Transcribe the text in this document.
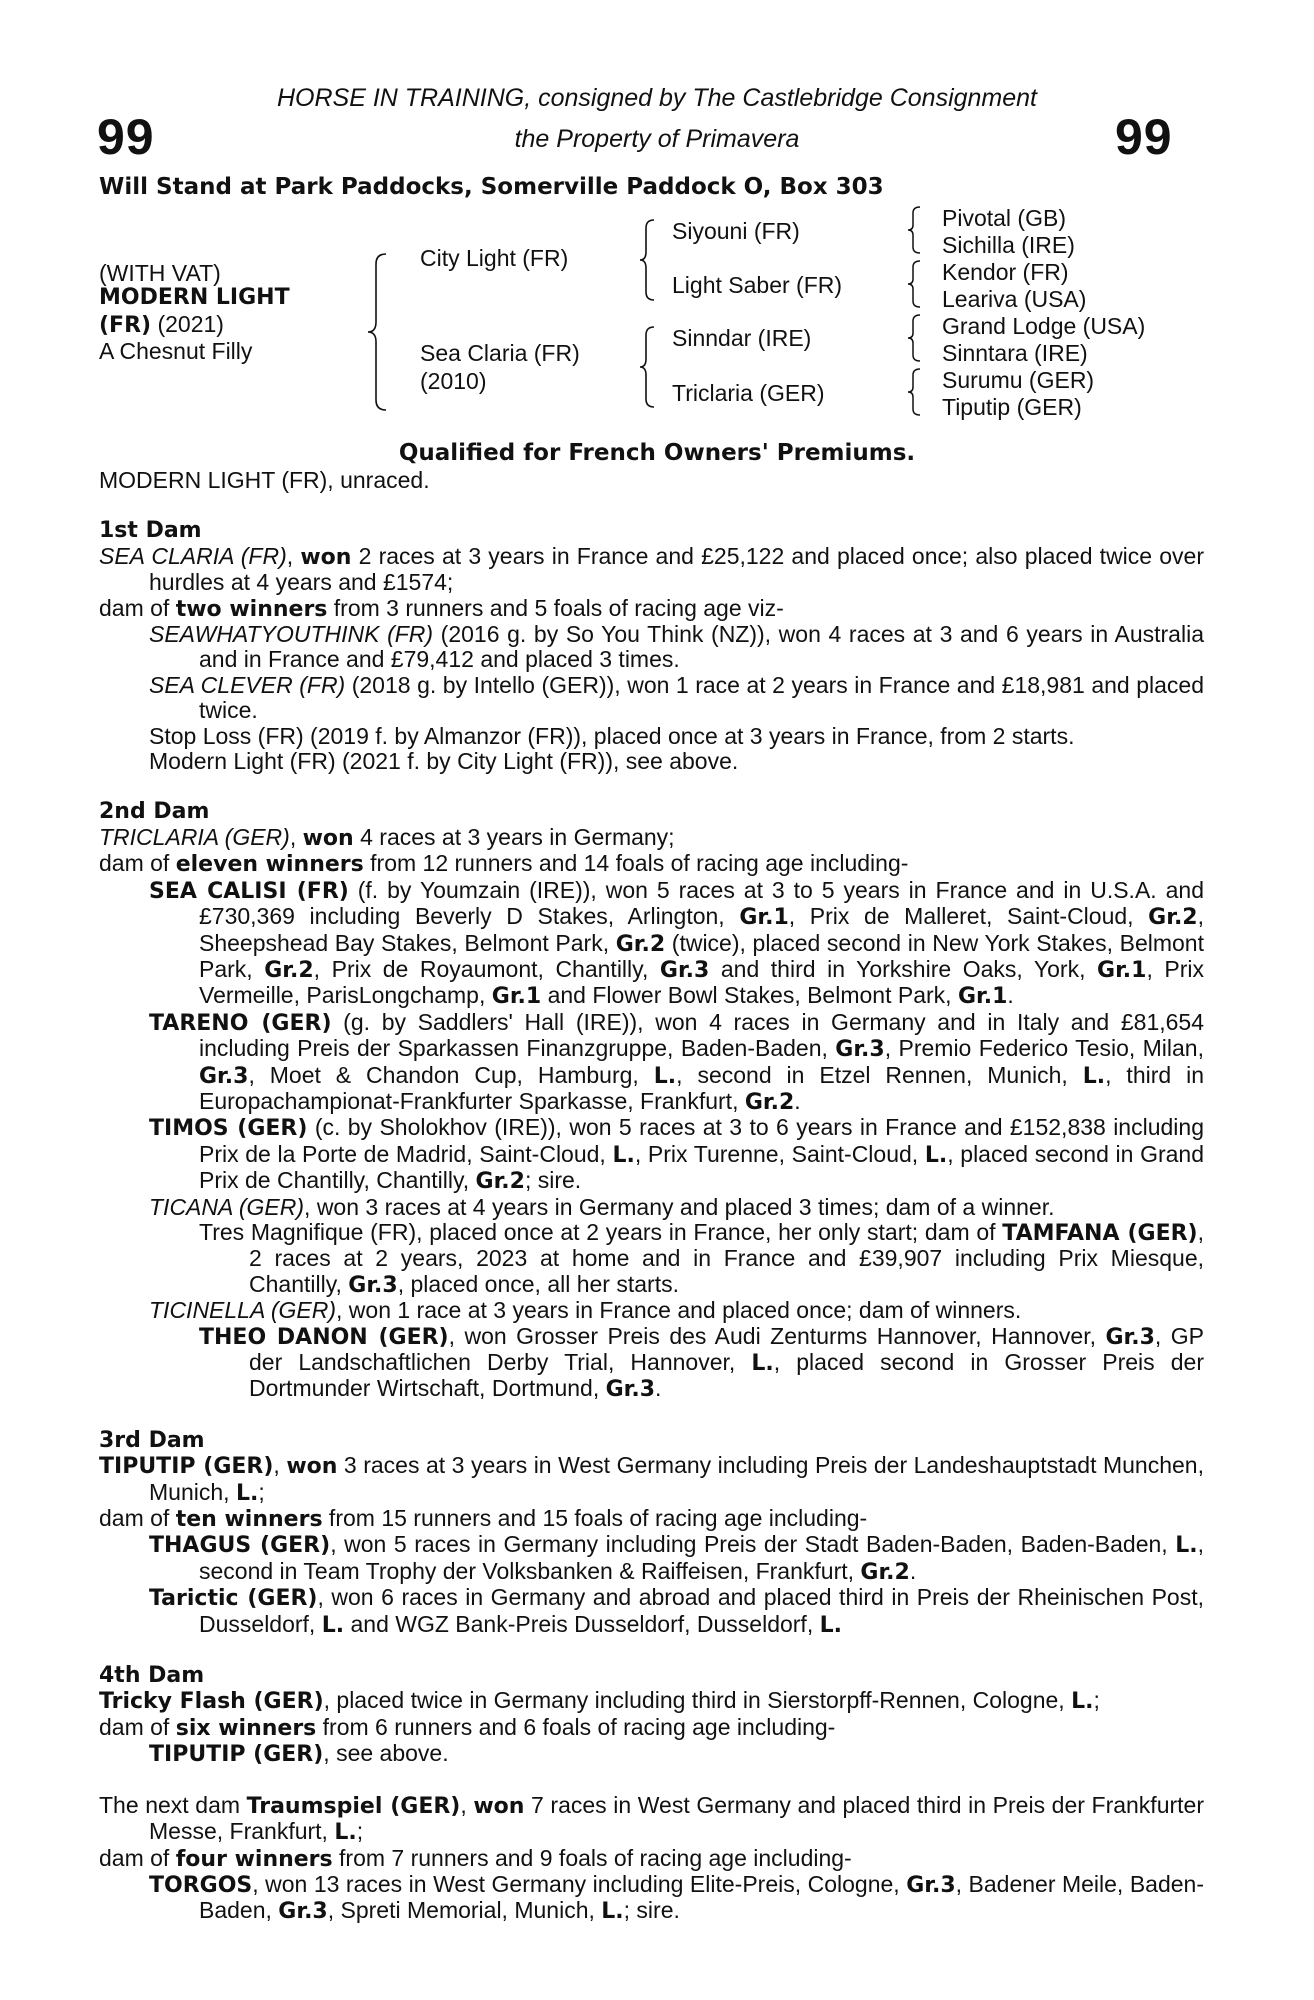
HORSE IN TRAINING, consigned by The Castlebridge Consignment
99	the Property of Primavera	99
Will Stand at Park Paddocks, Somerville Paddock O, Box 303
(WITH VAT)
MODERN LIGHT
(FR) (2021)
A Chesnut Filly
City Light (FR)
Sea Claria (FR)
(2010)
Siyouni (FR)
Light Saber (FR)
Sinndar (IRE)
Triclaria (GER)
Pivotal (GB)
Sichilla (IRE)
Kendor (FR)
Leariva (USA)
Grand Lodge (USA)
Sinntara (IRE)
Surumu (GER)
Tiputip (GER)
Qualified for French Owners' Premiums.

MODERN LIGHT (FR), unraced.

1st Dam

SEA CLARIA (FR), won 2 races at 3 years in France and £25,122 and placed once; also placed twice over hurdles at 4 years and £1574;

dam of two winners from 3 runners and 5 foals of racing age viz-

SEAWHATYOUTHINK (FR) (2016 g. by So You Think (NZ)), won 4 races at 3 and 6 years in Australia and in France and £79,412 and placed 3 times.

SEA CLEVER (FR) (2018 g. by Intello (GER)), won 1 race at 2 years in France and £18,981 and placed twice.

Stop Loss (FR) (2019 f. by Almanzor (FR)), placed once at 3 years in France, from 2 starts.

Modern Light (FR) (2021 f. by City Light (FR)), see above.

2nd Dam

TRICLARIA (GER), won 4 races at 3 years in Germany;

dam of eleven winners from 12 runners and 14 foals of racing age including-

SEA CALISI (FR) (f. by Youmzain (IRE)), won 5 races at 3 to 5 years in France and in U.S.A. and £730,369 including Beverly D Stakes, Arlington, Gr.1, Prix de Malleret, Saint-Cloud, Gr.2, Sheepshead Bay Stakes, Belmont Park, Gr.2 (twice), placed second in New York Stakes, Belmont Park, Gr.2, Prix de Royaumont, Chantilly, Gr.3 and third in Yorkshire Oaks, York, Gr.1, Prix Vermeille, ParisLongchamp, Gr.1 and Flower Bowl Stakes, Belmont Park, Gr.1.

TARENO (GER) (g. by Saddlers' Hall (IRE)), won 4 races in Germany and in Italy and £81,654 including Preis der Sparkassen Finanzgruppe, Baden-Baden, Gr.3, Premio Federico Tesio, Milan, Gr.3, Moet & Chandon Cup, Hamburg, L., second in Etzel Rennen, Munich, L., third in Europachampionat-Frankfurter Sparkasse, Frankfurt, Gr.2.

TIMOS (GER) (c. by Sholokhov (IRE)), won 5 races at 3 to 6 years in France and £152,838 including Prix de la Porte de Madrid, Saint-Cloud, L., Prix Turenne, Saint-Cloud, L., placed second in Grand Prix de Chantilly, Chantilly, Gr.2; sire.

TICANA (GER), won 3 races at 4 years in Germany and placed 3 times; dam of a winner.

Tres Magnifique (FR), placed once at 2 years in France, her only start; dam of TAMFANA (GER), 2 races at 2 years, 2023 at home and in France and £39,907 including Prix Miesque, Chantilly, Gr.3, placed once, all her starts.

TICINELLA (GER), won 1 race at 3 years in France and placed once; dam of winners.

THEO DANON (GER), won Grosser Preis des Audi Zenturms Hannover, Hannover, Gr.3, GP der Landschaftlichen Derby Trial, Hannover, L., placed second in Grosser Preis der Dortmunder Wirtschaft, Dortmund, Gr.3.

3rd Dam

TIPUTIP (GER), won 3 races at 3 years in West Germany including Preis der Landeshauptstadt Munchen, Munich, L.;

dam of ten winners from 15 runners and 15 foals of racing age including-

THAGUS (GER), won 5 races in Germany including Preis der Stadt Baden-Baden, Baden-Baden, L., second in Team Trophy der Volksbanken & Raiffeisen, Frankfurt, Gr.2.

Tarictic (GER), won 6 races in Germany and abroad and placed third in Preis der Rheinischen Post, Dusseldorf, L. and WGZ Bank-Preis Dusseldorf, Dusseldorf, L.

4th Dam

Tricky Flash (GER), placed twice in Germany including third in Sierstorpff-Rennen, Cologne, L.;

dam of six winners from 6 runners and 6 foals of racing age including-

TIPUTIP (GER), see above.

The next dam Traumspiel (GER), won 7 races in West Germany and placed third in Preis der Frankfurter Messe, Frankfurt, L.;

dam of four winners from 7 runners and 9 foals of racing age including-

TORGOS, won 13 races in West Germany including Elite-Preis, Cologne, Gr.3, Badener Meile, Baden-Baden, Gr.3, Spreti Memorial, Munich, L.; sire.
